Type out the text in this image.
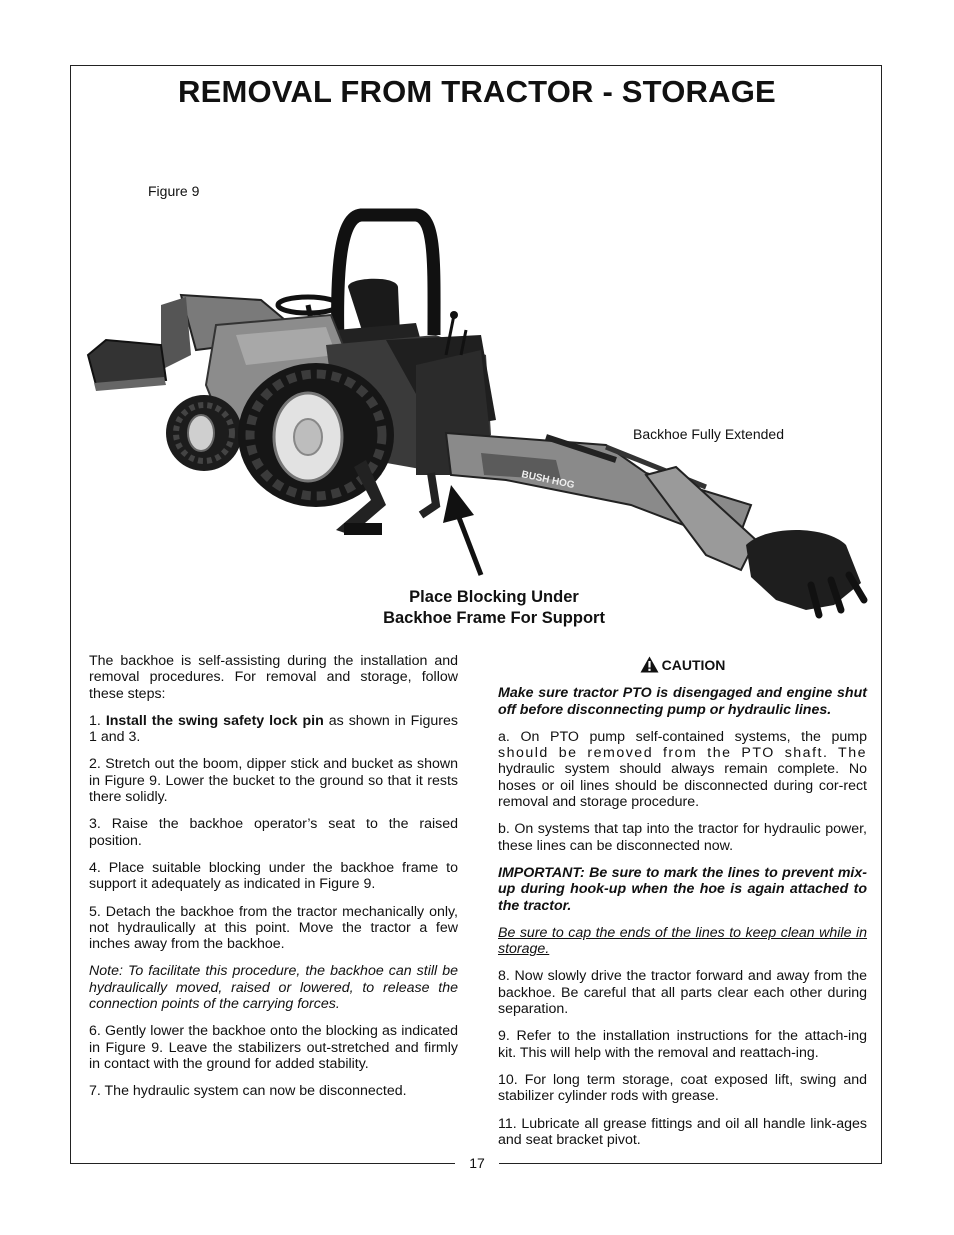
REMOVAL FROM TRACTOR - STORAGE
Figure 9
BUSH HOG
Backhoe Fully Extended
Place Blocking Under
Backhoe Frame For Support

The backhoe is self-assisting during the installation and removal procedures. For removal and storage, follow these steps:

1. Install the swing safety lock pin as shown in Figures 1 and 3.

2. Stretch out the boom, dipper stick and bucket as shown in Figure 9. Lower the bucket to the ground so that it rests there solidly.

3. Raise the backhoe operator’s seat to the raised position.

4. Place suitable blocking under the backhoe frame to support it adequately as indicated in Figure 9.

5. Detach the backhoe from the tractor mechanically only, not hydraulically at this point. Move the tractor a few inches away from the backhoe.

Note: To facilitate this procedure, the backhoe can still be hydraulically moved, raised or lowered, to release the connection points of the carrying forces.

6. Gently lower the backhoe onto the blocking as indicated in Figure 9. Leave the stabilizers out-stretched and firmly in contact with the ground for added stability.

7. The hydraulic system can now be disconnected.

CAUTION

Make sure tractor PTO is disengaged and engine shut off before disconnecting pump or hydraulic lines.

a. On PTO pump self-contained systems, the pump should be removed from the PTO shaft. The hydraulic system should always remain complete. No hoses or oil lines should be disconnected during cor-rect removal and storage procedure.

b. On systems that tap into the tractor for hydraulic power, these lines can be disconnected now.

IMPORTANT: Be sure to mark the lines to prevent mix-up during hook-up when the hoe is again attached to the tractor.

Be sure to cap the ends of the lines to keep clean while in storage.

8. Now slowly drive the tractor forward and away from the backhoe. Be careful that all parts clear each other during separation.

9. Refer to the installation instructions for the attach-ing kit. This will help with the removal and reattach-ing.

10. For long term storage, coat exposed lift, swing and stabilizer cylinder rods with grease.

11. Lubricate all grease fittings and oil all handle link-ages and seat bracket pivot.

17
